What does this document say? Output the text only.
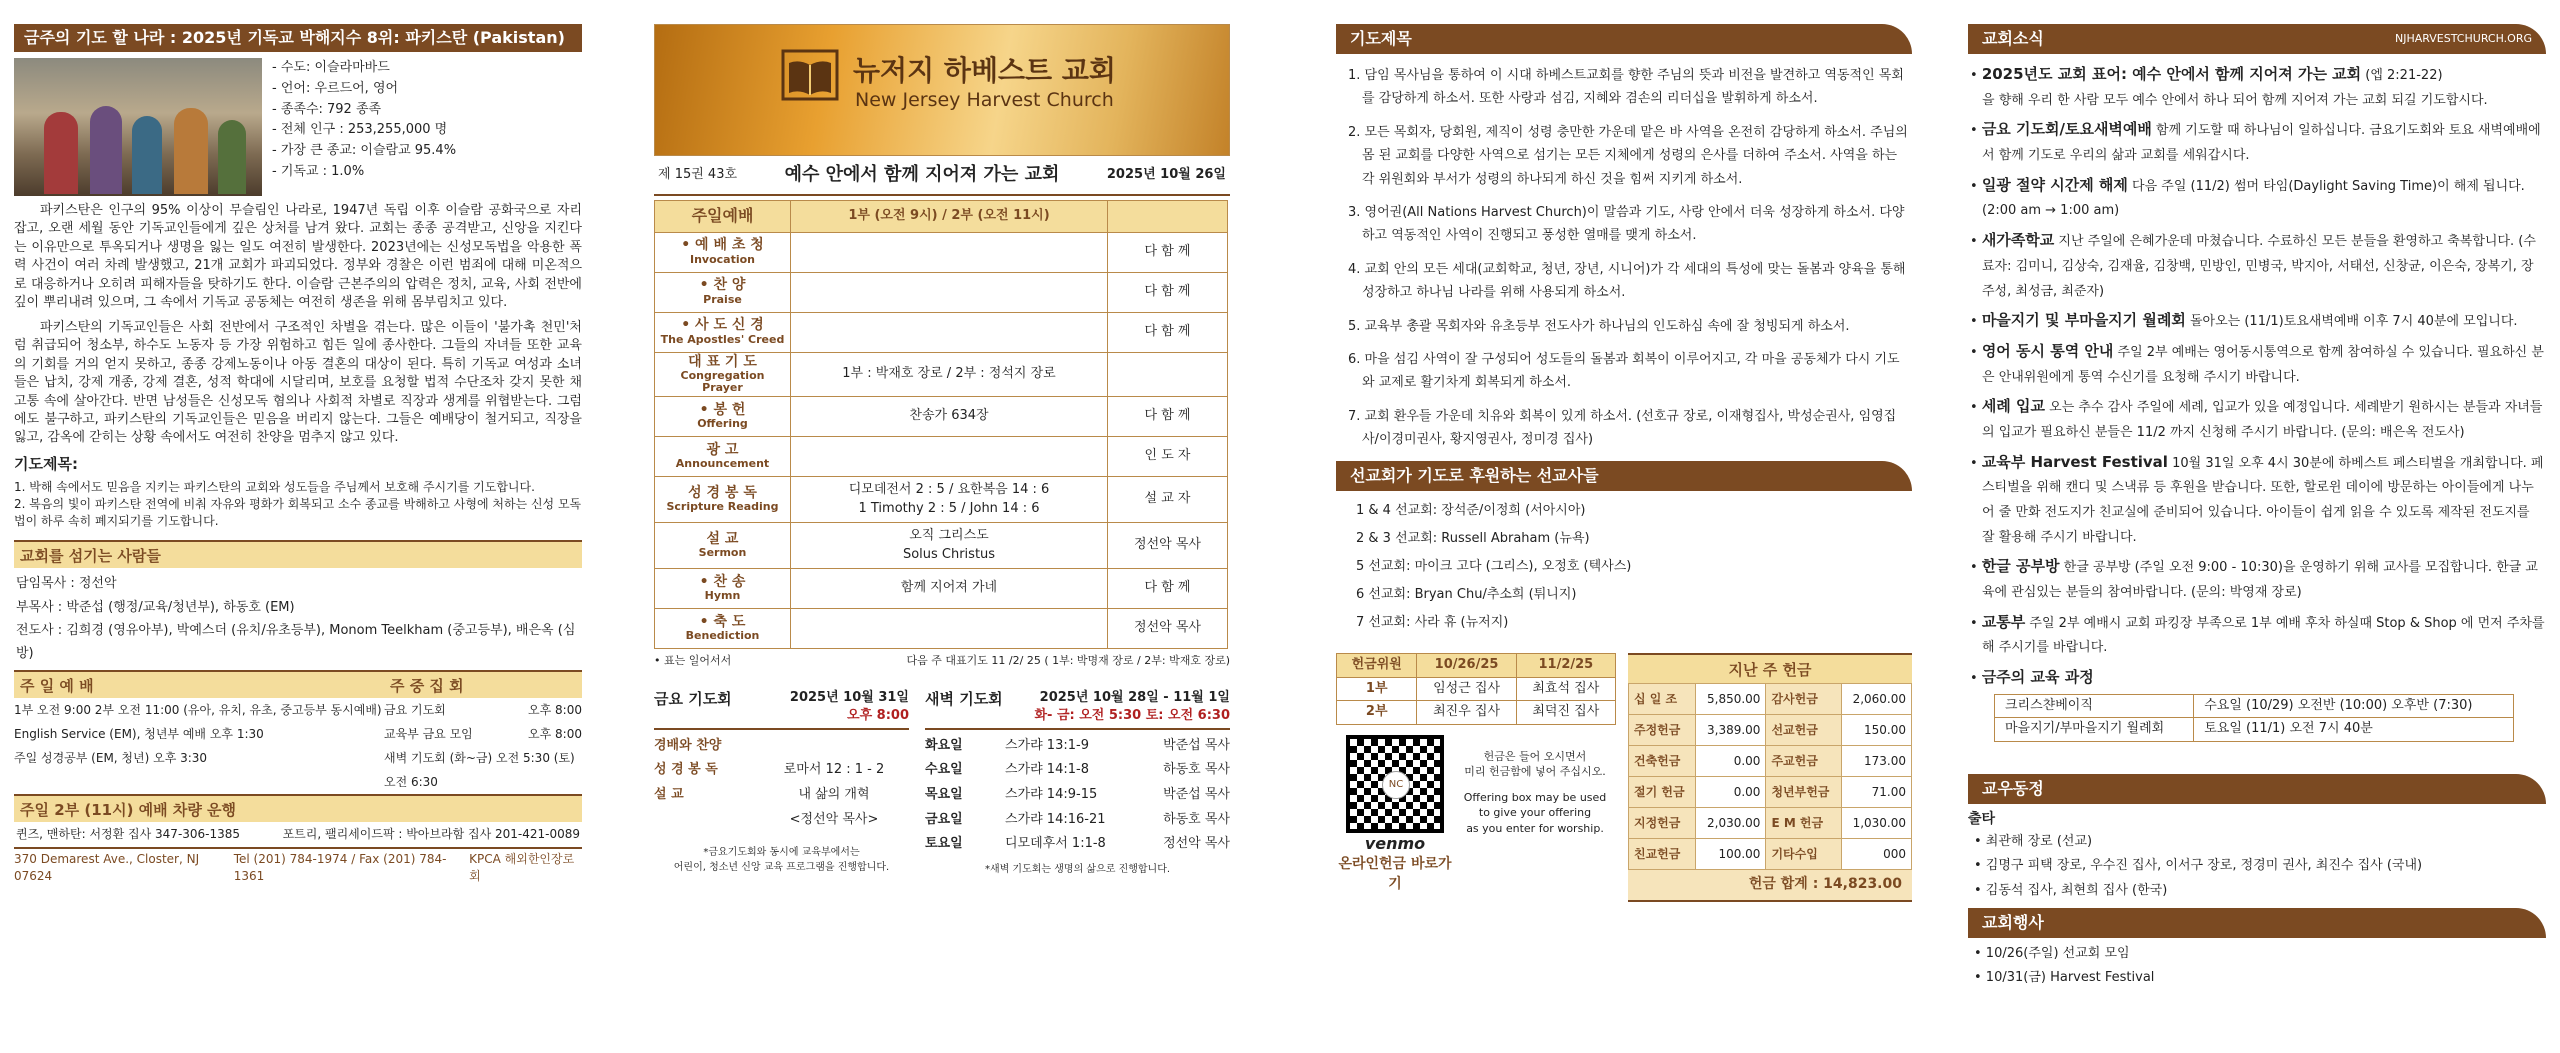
금주의 기도 할 나라 : 2025년 기독교 박해지수 8위: 파키스탄 (Pakistan)
- 수도: 이슬라마바드
- 언어: 우르드어, 영어
- 종족수: 792 종족
- 전체 인구 : 253,255,000 명
- 가장 큰 종교: 이슬람교 95.4%
- 기독교 : 1.0%

파키스탄은 인구의 95% 이상이 무슬림인 나라로, 1947년 독립 이후 이슬람 공화국으로 자리 잡고, 오랜 세월 동안 기독교인들에게 깊은 상처를 남겨 왔다. 교회는 종종 공격받고, 신앙을 지킨다는 이유만으로 투옥되거나 생명을 잃는 일도 여전히 발생한다. 2023년에는 신성모독법을 악용한 폭력 사건이 여러 차례 발생했고, 21개 교회가 파괴되었다. 정부와 경찰은 이런 범죄에 대해 미온적으로 대응하거나 오히려 피해자들을 탓하기도 한다. 이슬람 근본주의의 압력은 정치, 교육, 사회 전반에 깊이 뿌리내려 있으며, 그 속에서 기독교 공동체는 여전히 생존을 위해 몸부림치고 있다.

파키스탄의 기독교인들은 사회 전반에서 구조적인 차별을 겪는다. 많은 이들이 '불가촉 천민'처럼 취급되어 청소부, 하수도 노동자 등 가장 위험하고 힘든 일에 종사한다. 그들의 자녀들 또한 교육의 기회를 거의 얻지 못하고, 종종 강제노동이나 아동 결혼의 대상이 된다. 특히 기독교 여성과 소녀들은 납치, 강제 개종, 강제 결혼, 성적 학대에 시달리며, 보호를 요청할 법적 수단조차 갖지 못한 채 고통 속에 살아간다. 반면 남성들은 신성모독 혐의나 사회적 차별로 직장과 생계를 위협받는다. 그럼에도 불구하고, 파키스탄의 기독교인들은 믿음을 버리지 않는다. 그들은 예배당이 철거되고, 직장을 잃고, 감옥에 갇히는 상황 속에서도 여전히 찬양을 멈추지 않고 있다.

기도제목:
1. 박해 속에서도 믿음을 지키는 파키스탄의 교회와 성도들을 주님께서 보호해 주시기를 기도합니다.
2. 복음의 빛이 파키스탄 전역에 비춰 자유와 평화가 회복되고 소수 종교를 박해하고 사형에 처하는 신성 모독법이 하루 속히 폐지되기를 기도합니다.
교회를 섬기는 사람들
담임목사 : 정선악
부목사 : 박준섭 (행정/교육/청년부), 하동호 (EM)
전도사 : 김희경 (영유아부), 박예스더 (유치/유초등부), Monom Teelkham (중고등부), 배은옥 (심방)
주 일 예 배	주 중 집 회
1부 오전 9:00 2부 오전 11:00 (유아, 유치, 유초, 중고등부 동시예배)
English Service (EM), 청년부 예배 오후 1:30
주일 성경공부 (EM, 청년) 오후 3:30
금요 기도회	오후 8:00
교육부 금요 모임	오후 8:00
새벽 기도회 (화~금) 오전 5:30 (토) 오전 6:30
주일 2부 (11시) 예배 차량 운행
퀸즈, 맨하탄: 서정환 집사 347-306-1385	포트리, 팰리세이드팍 : 박아브라함 집사 201-421-0089
370 Demarest Ave., Closter, NJ 07624
Tel (201) 784-1974 / Fax (201) 784-1361
KPCA 해외한인장로회
뉴저지 하베스트 교회
New Jersey Harvest Church
제 15권 43호	예수 안에서 함께 지어져 가는 교회	2025년 10월 26일
주일예배	1부 (오전 9시) / 2부 (오전 11시)	

• 예 배 초 청
Invocation		다 함 께

• 찬 양
Praise		다 함 께

• 사 도 신 경
The Apostles' Creed		다 함 께

대 표 기 도
Congregation Prayer	1부 : 박재호 장로 / 2부 : 정석지 장로	

• 봉 헌
Offering	찬송가 634장	다 함 께

광 고
Announcement		인 도 자

성 경 봉 독
Scripture Reading	디모데전서 2 : 5 / 요한복음 14 : 6
1 Timothy 2 : 5 / John 14 : 6	설 교 자

설 교
Sermon	오직 그리스도
Solus Christus	정선악 목사

• 찬 송
Hymn	함께 지어져 가네	다 함 께

• 축 도
Benediction		정선악 목사
• 표는 일어서서	다음 주 대표기도 11 /2/ 25 ( 1부: 박명재 장로 / 2부: 박재호 장로)
금요 기도회	2025년 10월 31일
오후 8:00
경배와 찬양
성 경 봉 독	로마서 12 : 1 - 2
설 교	내 삶의 개혁
<정선악 목사>
*금요기도회와 동시에 교육부에서는
어린이, 청소년 신앙 교육 프로그램을 진행합니다.
새벽 기도회	2025년 10월 28일 - 11월 1일
화- 금: 오전 5:30 토: 오전 6:30
화요일	스가랴 13:1-9	박준섭 목사
수요일	스가랴 14:1-8	하동호 목사
목요일	스가랴 14:9-15	박준섭 목사
금요일	스가랴 14:16-21	하동호 목사
토요일	디모데후서 1:1-8	정선악 목사
*새벽 기도회는 생명의 삶으로 진행합니다.
기도제목
1. 담임 목사님을 통하여 이 시대 하베스트교회를 향한 주님의 뜻과 비전을 발견하고 역동적인 목회를 감당하게 하소서. 또한 사랑과 섬김, 지혜와 겸손의 리더십을 발휘하게 하소서.
2. 모든 목회자, 당회원, 제직이 성령 충만한 가운데 맡은 바 사역을 온전히 감당하게 하소서. 주님의 몸 된 교회를 다양한 사역으로 섬기는 모든 지체에게 성령의 은사를 더하여 주소서. 사역을 하는 각 위원회와 부서가 성령의 하나되게 하신 것을 힘써 지키게 하소서.
3. 영어권(All Nations Harvest Church)이 말씀과 기도, 사랑 안에서 더욱 성장하게 하소서. 다양하고 역동적인 사역이 진행되고 풍성한 열매를 맺게 하소서.
4. 교회 안의 모든 세대(교회학교, 청년, 장년, 시니어)가 각 세대의 특성에 맞는 돌봄과 양육을 통해 성장하고 하나님 나라를 위해 사용되게 하소서.
5. 교육부 총괄 목회자와 유초등부 전도사가 하나님의 인도하심 속에 잘 청빙되게 하소서.
6. 마을 섬김 사역이 잘 구성되어 성도들의 돌봄과 회복이 이루어지고, 각 마을 공동체가 다시 기도와 교제로 활기차게 회복되게 하소서.
7. 교회 환우들 가운데 치유와 회복이 있게 하소서. (선호규 장로, 이재형집사, 박성순권사, 임영집사/이경미권사, 황지영권사, 정미경 집사)
선교회가 기도로 후원하는 선교사들
1 & 4 선교회: 장석준/이정희 (서아시아)
2 & 3 선교회: Russell Abraham (뉴욕)
5 선교회: 마이크 고다 (그리스), 오정호 (텍사스)
6 선교회: Bryan Chu/추소희 (튀니지)
7 선교회: 사라 휴 (뉴저지)
헌금위원	10/26/25	11/2/25
1부	임성근 집사	최효석 집사
2부	최진우 집사	최덕진 집사
NC
venmo
온라인헌금 바로가기
헌금은 들어 오시면서
미리 헌금함에 넣어 주십시오.
Offering box may be used
to give your offering
as you enter for worship.
지난 주 헌금
십 일 조	5,850.00	감사헌금	2,060.00
주정헌금	3,389.00	선교헌금	150.00
건축헌금	0.00	주교헌금	173.00
절기 헌금	0.00	청년부헌금	71.00
지정헌금	2,030.00	E M 헌금	1,030.00
친교헌금	100.00	기타수입	000
헌금 합계 : 14,823.00
교회소식	NJHARVESTCHURCH.ORG
• 2025년도 교회 표어: 예수 안에서 함께 지어져 가는 교회 (엡 2:21-22)
을 향해 우리 한 사람 모두 예수 안에서 하나 되어 함께 지어져 가는 교회 되길 기도합시다.
• 금요 기도회/토요새벽예배 함께 기도할 때 하나님이 일하십니다. 금요기도회와 토요 새벽예배에서 함께 기도로 우리의 삶과 교회를 세워갑시다.
• 일광 절약 시간제 해제 다음 주일 (11/2) 썸머 타임(Daylight Saving Time)이 해제 됩니다. (2:00 am → 1:00 am)
• 새가족학교 지난 주일에 은혜가운데 마쳤습니다. 수료하신 모든 분들을 환영하고 축복합니다. (수료자: 김미니, 김상숙, 김재율, 김창백, 민방인, 민병국, 박지아, 서태선, 신창균, 이은숙, 장복기, 장주성, 최성금, 최준자)
• 마을지기 및 부마을지기 월례회 돌아오는 (11/1)토요새벽예배 이후 7시 40분에 모입니다.
• 영어 동시 통역 안내 주일 2부 예배는 영어동시통역으로 함께 참여하실 수 있습니다. 필요하신 분은 안내위원에게 통역 수신기를 요청해 주시기 바랍니다.
• 세례 입교 오는 추수 감사 주일에 세례, 입교가 있을 예정입니다. 세례받기 원하시는 분들과 자녀들의 입교가 필요하신 분들은 11/2 까지 신청해 주시기 바랍니다. (문의: 배은옥 전도사)
• 교육부 Harvest Festival 10월 31일 오후 4시 30분에 하베스트 페스티벌을 개최합니다. 페스티벌을 위해 캔디 및 스낵류 등 후원을 받습니다. 또한, 할로윈 데이에 방문하는 아이들에게 나누어 줄 만화 전도지가 친교실에 준비되어 있습니다. 아이들이 쉽게 읽을 수 있도록 제작된 전도지를 잘 활용해 주시기 바랍니다.
• 한글 공부방 한글 공부방 (주일 오전 9:00 - 10:30)을 운영하기 위해 교사를 모집합니다. 한글 교육에 관심있는 분들의 참여바랍니다. (문의: 박영재 장로)
• 교통부 주일 2부 예배시 교회 파킹장 부족으로 1부 예배 후차 하실때 Stop & Shop 에 먼저 주차를 해 주시기를 바랍니다.
• 금주의 교육 과정
크리스챤베이직	수요일 (10/29) 오전반 (10:00) 오후반 (7:30)
마을지기/부마을지기 월례회	토요일 (11/1) 오전 7시 40분
교우동정
출타
• 최관해 장로 (선교)
• 김명구 피택 장로, 우수진 집사, 이서구 장로, 정경미 권사, 최진수 집사 (국내)
• 김동석 집사, 최현희 집사 (한국)
교회행사
• 10/26(주일) 선교회 모임
• 10/31(금) Harvest Festival
